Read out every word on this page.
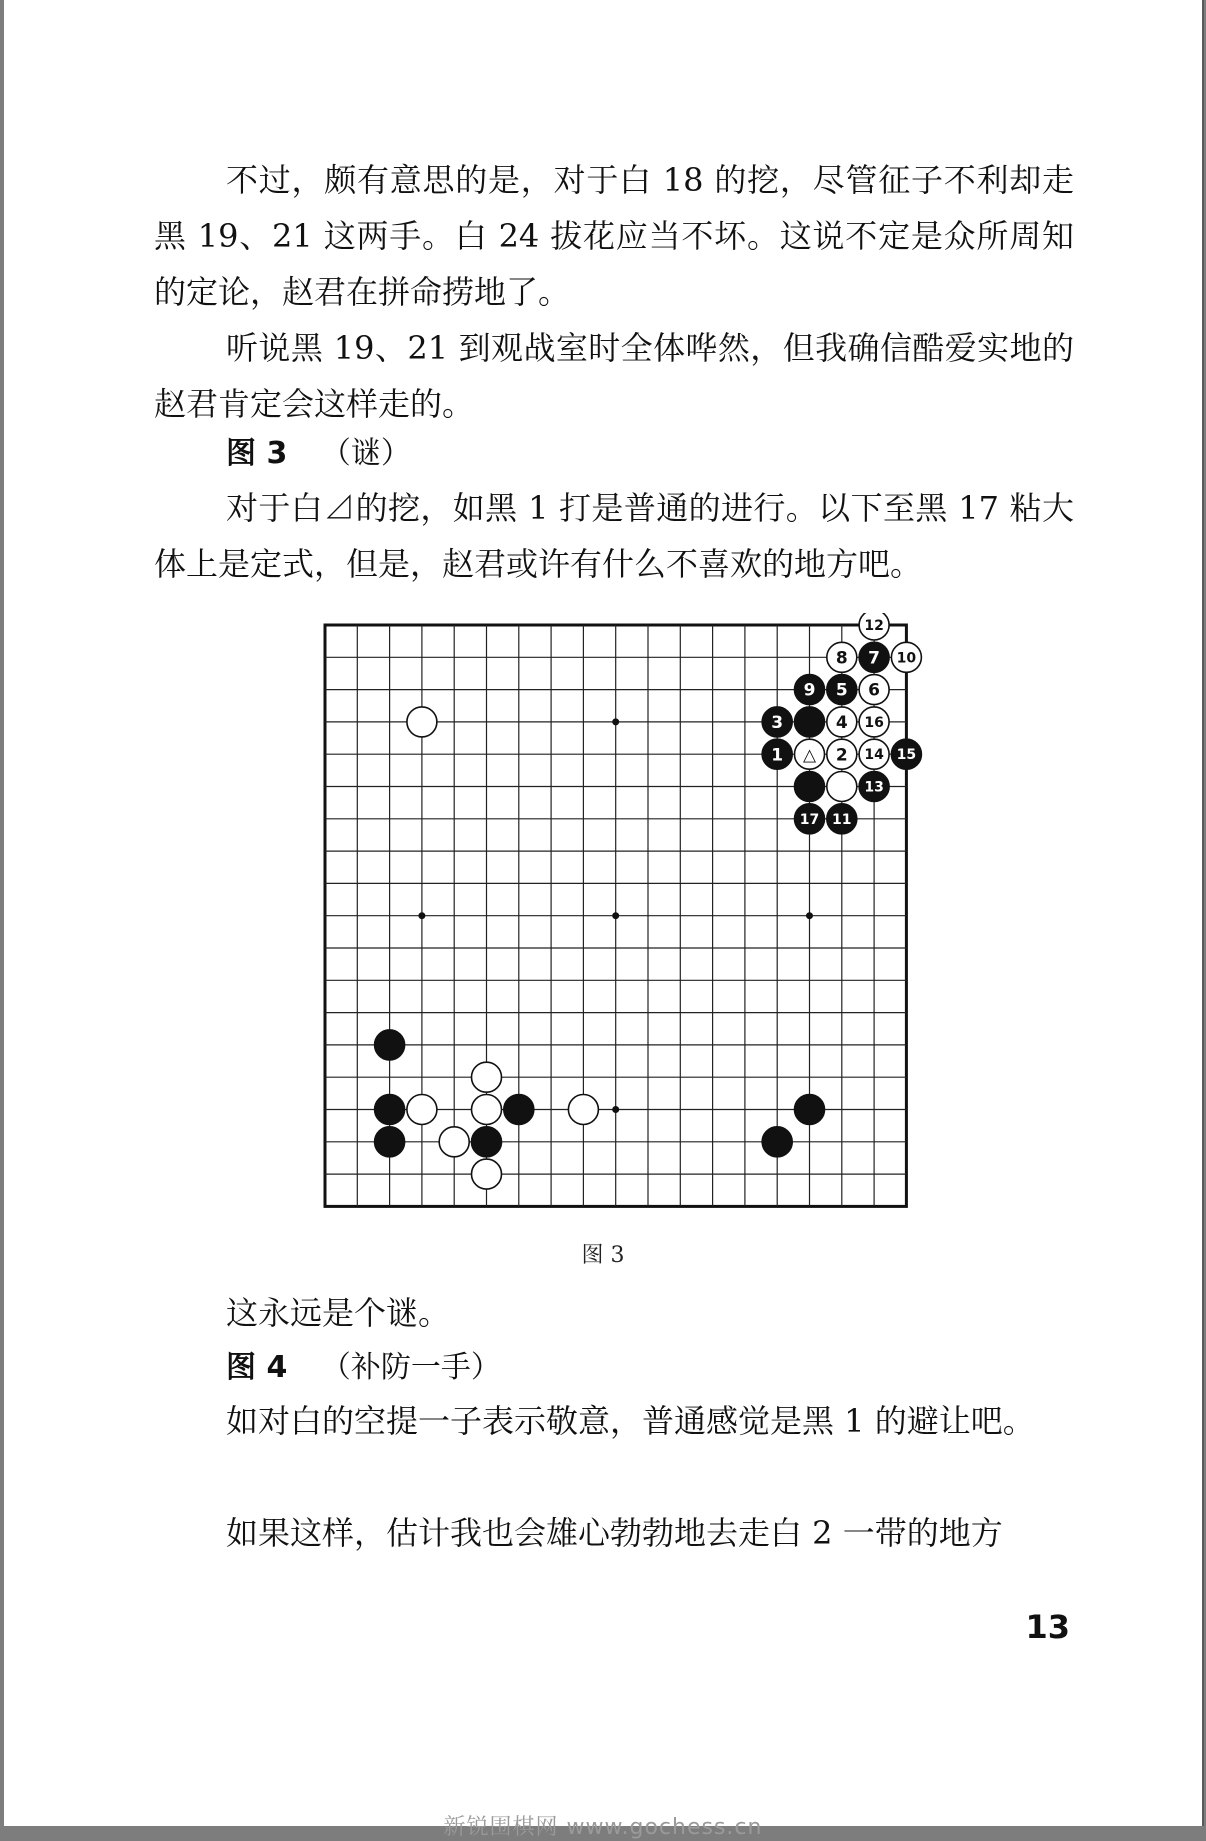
不过，颇有意思的是，对于白 18 的挖，尽管征子不利却走黑 19、21 这两手。白 24 拔花应当不坏。这说不定是众所周知的定论，赵君在拼命捞地了。

听说黑 19、21 到观战室时全体哗然，但我确信酷爱实地的赵君肯定会这样走的。

图 3 （谜）

对于白⊿的挖，如黑 1 打是普通的进行。以下至黑 17 粘大体上是定式，但是，赵君或许有什么不喜欢的地方吧。

3	4 16
1 △ 2 14 15
13
17 11
9 5 6
8 7 10
12
图 3

这永远是个谜。

图 4 （补防一手）

如对白的空提一子表示敬意，普通感觉是黑 1 的避让吧。

如果这样，估计我也会雄心勃勃地去走白 2 一带的地方

13
新锐围棋网 www.gochess.cn
